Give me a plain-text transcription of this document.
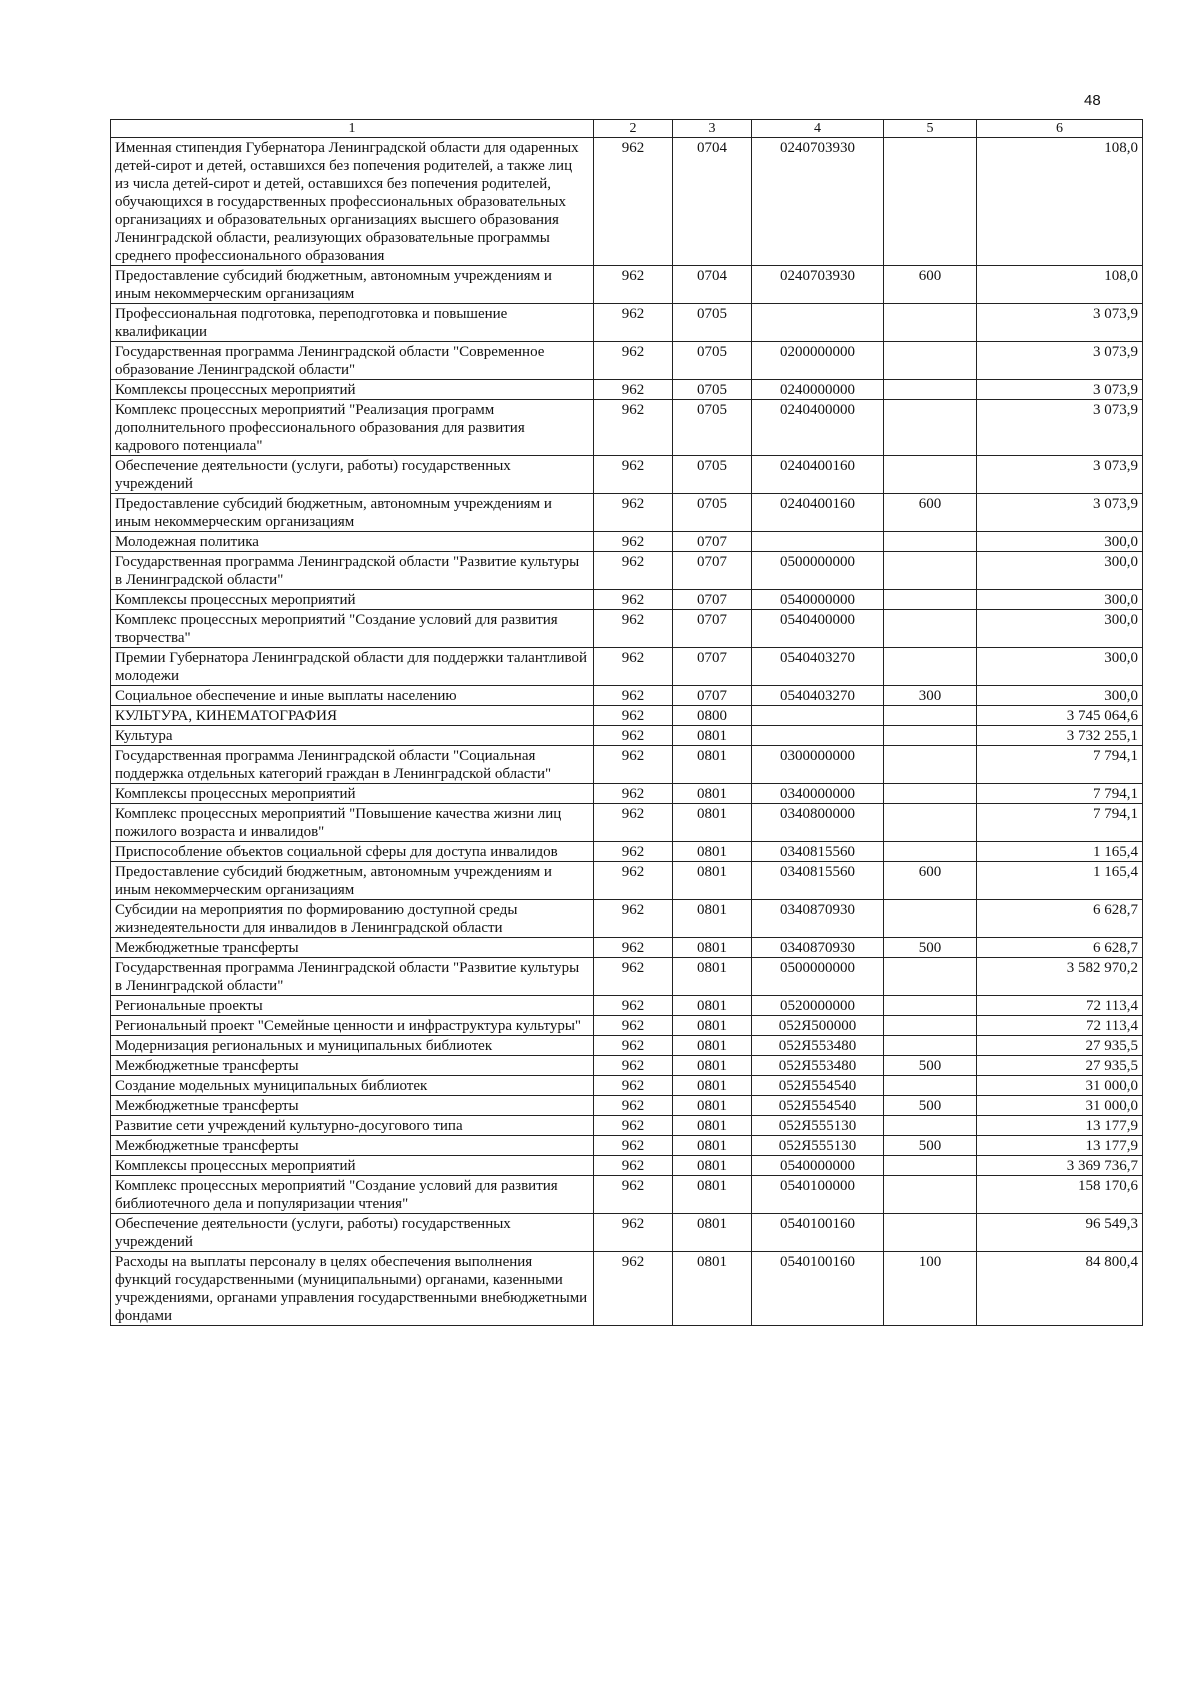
48
1	2	3	4	5	6
Именная стипендия Губернатора Ленинградской области для одаренных детей-сирот и детей, оставшихся без попечения родителей, а также лиц из числа детей-сирот и детей, оставшихся без попечения родителей, обучающихся в государственных профессиональных образовательных организациях и образовательных организациях высшего образования Ленинградской области, реализующих образовательные программы среднего профессионального образования	962	0704	0240703930		108,0
Предоставление субсидий бюджетным, автономным учреждениям и иным некоммерческим организациям	962	0704	0240703930	600	108,0
Профессиональная подготовка, переподготовка и повышение квалификации	962	0705			3 073,9
Государственная программа Ленинградской области "Современное образование Ленинградской области"	962	0705	0200000000		3 073,9
Комплексы процессных мероприятий	962	0705	0240000000		3 073,9
Комплекс процессных мероприятий "Реализация программ дополнительного профессионального образования для развития кадрового потенциала"	962	0705	0240400000		3 073,9
Обеспечение деятельности (услуги, работы) государственных учреждений	962	0705	0240400160		3 073,9
Предоставление субсидий бюджетным, автономным учреждениям и иным некоммерческим организациям	962	0705	0240400160	600	3 073,9
Молодежная политика	962	0707			300,0
Государственная программа Ленинградской области "Развитие культуры в Ленинградской области"	962	0707	0500000000		300,0
Комплексы процессных мероприятий	962	0707	0540000000		300,0
Комплекс процессных мероприятий "Создание условий для развития творчества"	962	0707	0540400000		300,0
Премии Губернатора Ленинградской области для поддержки талантливой молодежи	962	0707	0540403270		300,0
Социальное обеспечение и иные выплаты населению	962	0707	0540403270	300	300,0
КУЛЬТУРА, КИНЕМАТОГРАФИЯ	962	0800			3 745 064,6
Культура	962	0801			3 732 255,1
Государственная программа Ленинградской области "Социальная поддержка отдельных категорий граждан в Ленинградской области"	962	0801	0300000000		7 794,1
Комплексы процессных мероприятий	962	0801	0340000000		7 794,1
Комплекс процессных мероприятий "Повышение качества жизни лиц пожилого возраста и инвалидов"	962	0801	0340800000		7 794,1
Приспособление объектов социальной сферы для доступа инвалидов	962	0801	0340815560		1 165,4
Предоставление субсидий бюджетным, автономным учреждениям и иным некоммерческим организациям	962	0801	0340815560	600	1 165,4
Субсидии на мероприятия по формированию доступной среды жизнедеятельности для инвалидов в Ленинградской области	962	0801	0340870930		6 628,7
Межбюджетные трансферты	962	0801	0340870930	500	6 628,7
Государственная программа Ленинградской области "Развитие культуры в Ленинградской области"	962	0801	0500000000		3 582 970,2
Региональные проекты	962	0801	0520000000		72 113,4
Региональный проект "Семейные ценности и инфраструктура культуры"	962	0801	052Я500000		72 113,4
Модернизация региональных и муниципальных библиотек	962	0801	052Я553480		27 935,5
Межбюджетные трансферты	962	0801	052Я553480	500	27 935,5
Создание модельных муниципальных библиотек	962	0801	052Я554540		31 000,0
Межбюджетные трансферты	962	0801	052Я554540	500	31 000,0
Развитие сети учреждений культурно-досугового типа	962	0801	052Я555130		13 177,9
Межбюджетные трансферты	962	0801	052Я555130	500	13 177,9
Комплексы процессных мероприятий	962	0801	0540000000		3 369 736,7
Комплекс процессных мероприятий "Создание условий для развития библиотечного дела и популяризации чтения"	962	0801	0540100000		158 170,6
Обеспечение деятельности (услуги, работы) государственных учреждений	962	0801	0540100160		96 549,3
Расходы на выплаты персоналу в целях обеспечения выполнения функций государственными (муниципальными) органами, казенными учреждениями, органами управления государственными внебюджетными фондами	962	0801	0540100160	100	84 800,4
